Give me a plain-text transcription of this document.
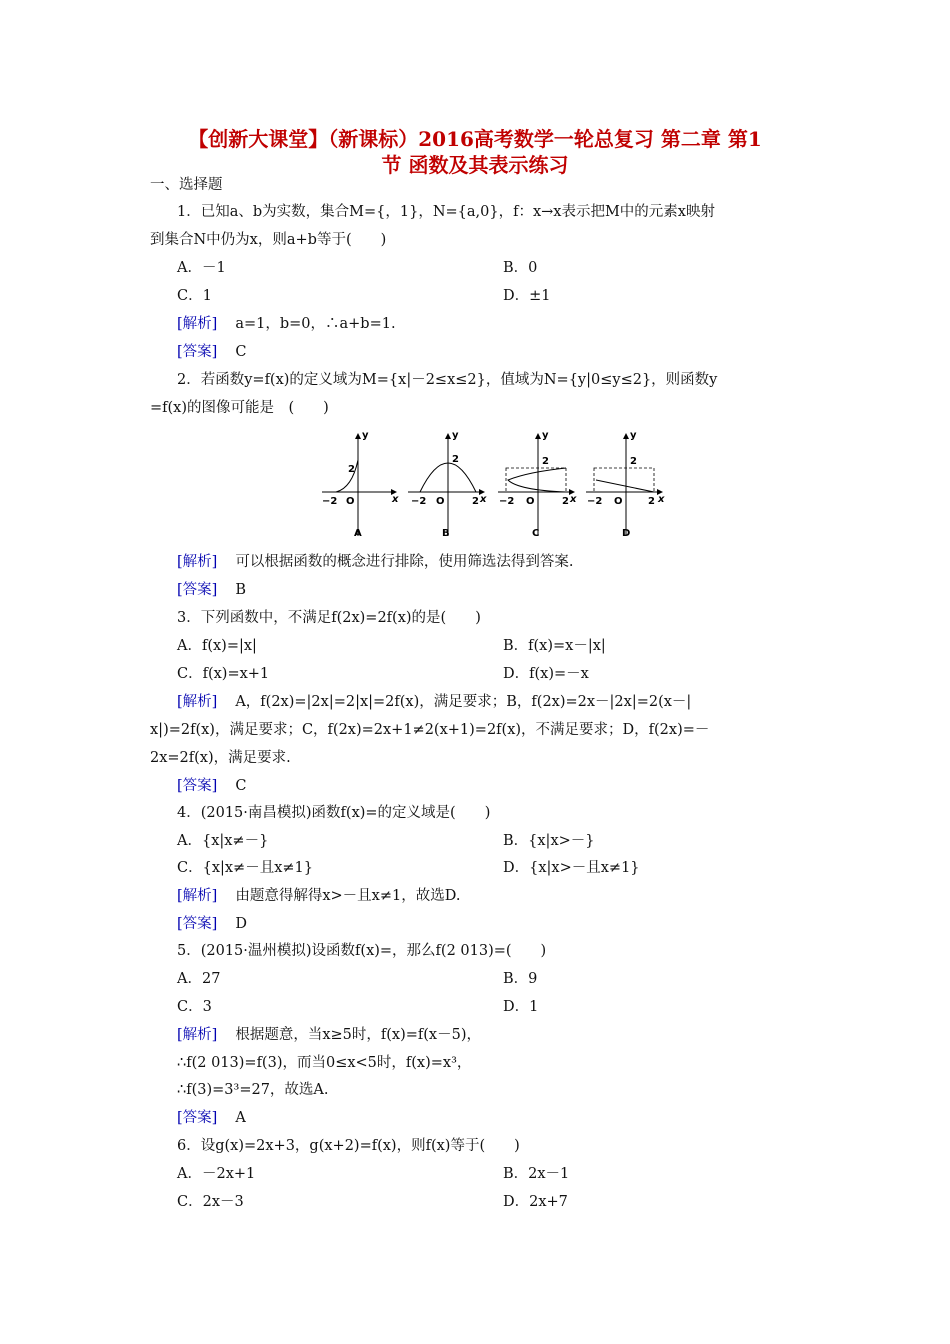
【创新大课堂】（新课标）2016高考数学一轮总复习 第二章 第1
节 函数及其表示练习
一、选择题
1．已知a、b为实数，集合M={，1}，N={a,0}，f：x→x表示把M中的元素x映射
到集合N中仍为x，则a+b等于(　　)
A．－1	B．0
C．1	D．±1
[解析] a=1，b=0，∴a+b=1.
[答案] C
2．若函数y=f(x)的定义域为M={x|－2≤x≤2}，值域为N={y|0≤y≤2}，则函数y
=f(x)的图像可能是　(　　)
y
2
−2 O	x
A
y
2
−2 O	2 x
B
y
2
−2 O	2 x
C
y
2
−2 O	2 x
D
[解析] 可以根据函数的概念进行排除，使用筛选法得到答案.
[答案] B
3．下列函数中，不满足f(2x)=2f(x)的是(　　)
A．f(x)=|x|	B．f(x)=x－|x|
C．f(x)=x+1	D．f(x)=－x
[解析] A，f(2x)=|2x|=2|x|=2f(x)，满足要求；B，f(2x)=2x－|2x|=2(x－|
x|)=2f(x)，满足要求；C，f(2x)=2x+1≠2(x+1)=2f(x)，不满足要求；D，f(2x)=－
2x=2f(x)，满足要求.
[答案] C
4．(2015·南昌模拟)函数f(x)=的定义域是(　　)
A．{x|x≠－}	B．{x|x>－}
C．{x|x≠－且x≠1}	D．{x|x>－且x≠1}
[解析] 由题意得解得x>－且x≠1，故选D.
[答案] D
5．(2015·温州模拟)设函数f(x)=，那么f(2 013)=(　　)
A．27	B．9
C．3	D．1
[解析] 根据题意，当x≥5时，f(x)=f(x－5)，
∴f(2 013)=f(3)，而当0≤x<5时，f(x)=x³，
∴f(3)=3³=27，故选A.
[答案] A
6．设g(x)=2x+3，g(x+2)=f(x)，则f(x)等于(　　)
A．－2x+1	B．2x－1
C．2x－3	D．2x+7
